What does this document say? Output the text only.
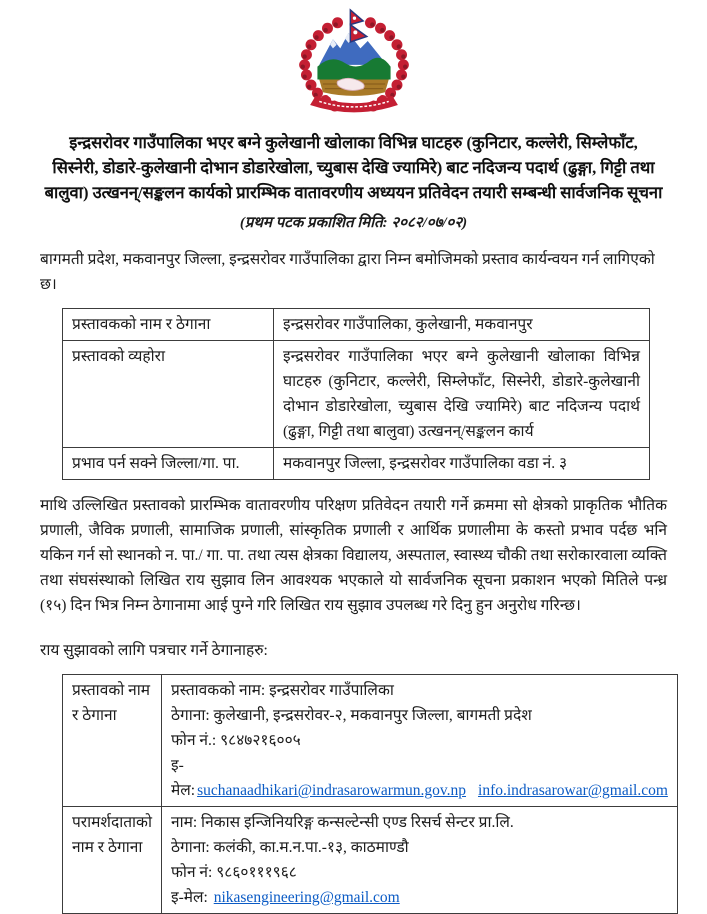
इन्द्रसरोवर गाउँपालिका भएर बग्ने कुलेखानी खोलाका विभिन्न घाटहरु (कुनिटार, कल्लेरी, सिम्लेफाँट,
सिस्नेरी, डोडारे-कुलेखानी दोभान डोडारेखोला, च्युबास देखि ज्यामिरे) बाट नदिजन्य पदार्थ (ढुङ्गा, गिट्टी तथा
बालुवा) उत्खनन्/सङ्कलन कार्यको प्रारम्भिक वातावरणीय अध्ययन प्रतिवेदन तयारी सम्बन्धी सार्वजनिक सूचना
(प्रथम पटक प्रकाशित मिति: २०८२/०७/०२)

बागमती प्रदेश, मकवानपुर जिल्ला, इन्द्रसरोवर गाउँपालिका द्वारा निम्न बमोजिमको प्रस्ताव कार्यन्वयन गर्न लागिएको छ।

प्रस्तावकको नाम र ठेगाना	इन्द्रसरोवर गाउँपालिका, कुलेखानी, मकवानपुर
प्रस्तावको व्यहोरा	इन्द्रसरोवर गाउँपालिका भएर बग्ने कुलेखानी खोलाका विभिन्न घाटहरु (कुनिटार, कल्लेरी, सिम्लेफाँट, सिस्नेरी, डोडारे-कुलेखानी दोभान डोडारेखोला, च्युबास देखि ज्यामिरे) बाट नदिजन्य पदार्थ (ढुङ्गा, गिट्टी तथा बालुवा) उत्खनन्/सङ्कलन कार्य
प्रभाव पर्न सक्ने जिल्ला/गा. पा.	मकवानपुर जिल्ला, इन्द्रसरोवर गाउँपालिका वडा नं. ३

माथि उल्लिखित प्रस्तावको प्रारम्भिक वातावरणीय परिक्षण प्रतिवेदन तयारी गर्ने क्रममा सो क्षेत्रको प्राकृतिक भौतिक प्रणाली, जैविक प्रणाली, सामाजिक प्रणाली, सांस्कृतिक प्रणाली र आर्थिक प्रणालीमा के कस्तो प्रभाव पर्दछ भनि यकिन गर्न सो स्थानको न. पा./ गा. पा. तथा त्यस क्षेत्रका विद्यालय, अस्पताल, स्वास्थ्य चौकी तथा सरोकारवाला व्यक्ति तथा संघसंस्थाको लिखित राय सुझाव लिन आवश्यक भएकाले यो सार्वजनिक सूचना प्रकाशन भएको मितिले पन्ध्र (१५) दिन भित्र निम्न ठेगानामा आई पुग्ने गरि लिखित राय सुझाव उपलब्ध गरे दिनु हुन अनुरोध गरिन्छ।

राय सुझावको लागि पत्रचार गर्ने ठेगानाहरु:
प्रस्तावको नाम र ठेगाना	प्रस्तावकको नाम: इन्द्रसरोवर गाउँपालिका
ठेगाना: कुलेखानी, इन्द्रसरोवर-२, मकवानपुर जिल्ला, बागमती प्रदेश
फोन नं.: ९८४७२१६००५
इ-मेल: suchanaadhikari@indrasarowarmun.gov.np info.indrasarowar@gmail.com

परामर्शदाताको नाम र ठेगाना	नाम: निकास इन्जिनियरिङ्ग कन्सल्टेन्सी एण्ड रिसर्च सेन्टर प्रा.लि.
ठेगाना: कलंकी, का.म.न.पा.-१३, काठमाण्डौ
फोन नं: ९८६०१११९६८
इ-मेल: nikasengineering@gmail.com
